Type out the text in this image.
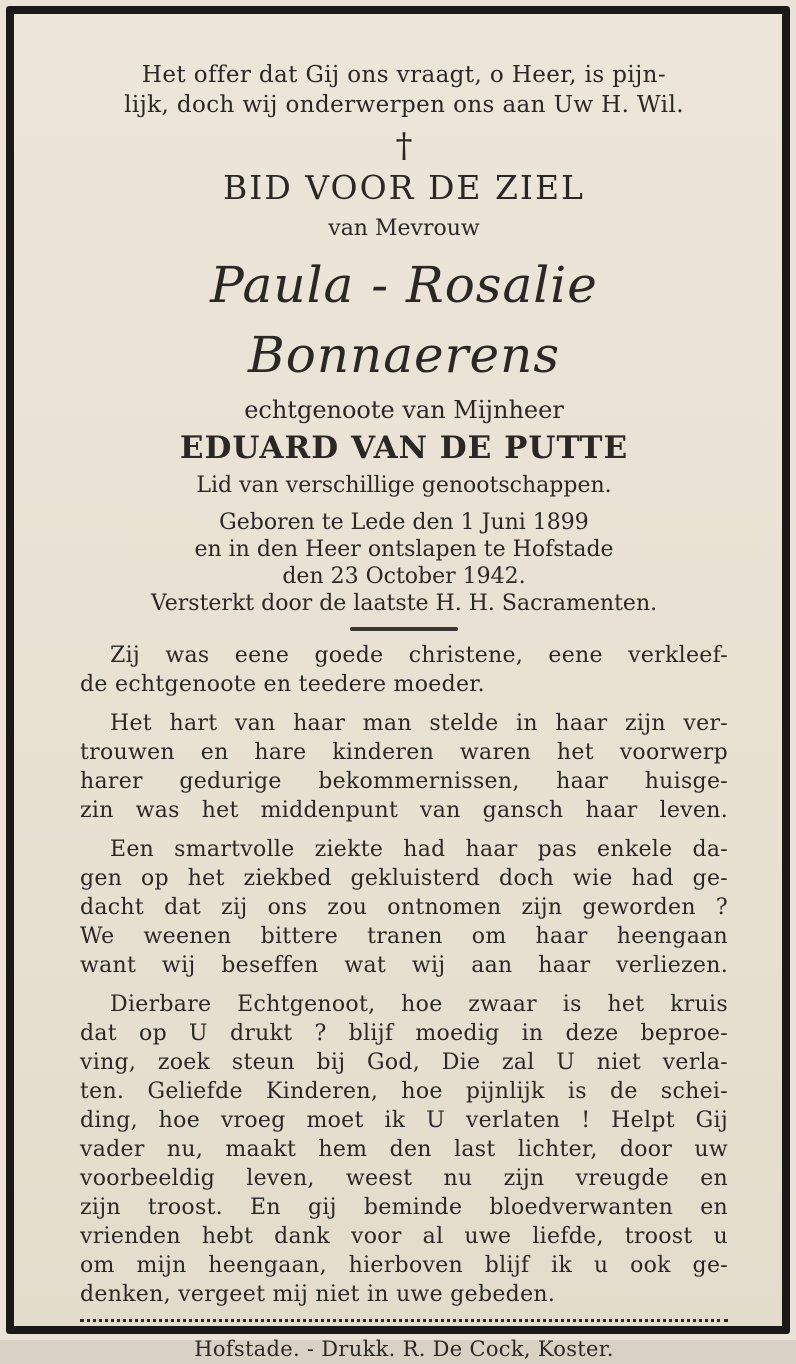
Het offer dat Gij ons vraagt, o Heer, is pijn-
lijk, doch wij onderwerpen ons aan Uw H. Wil.
†
BID VOOR DE ZIEL
van Mevrouw
Paula - Rosalie Bonnaerens
echtgenoote van Mijnheer
EDUARD VAN DE PUTTE
Lid van verschillige genootschappen.
Geboren te Lede den 1 Juni 1899
en in den Heer ontslapen te Hofstade
den 23 October 1942.
Versterkt door de laatste H. H. Sacramenten.
Zij was eene goede christene, eene verkleef-
de echtgenoote en teedere moeder.
Het hart van haar man stelde in haar zijn ver-
trouwen en hare kinderen waren het voorwerp
harer gedurige bekommernissen, haar huisge-
zin was het middenpunt van gansch haar leven.
Een smartvolle ziekte had haar pas enkele da-
gen op het ziekbed gekluisterd doch wie had ge-
dacht dat zij ons zou ontnomen zijn geworden ?
We weenen bittere tranen om haar heengaan
want wij beseffen wat wij aan haar verliezen.
Dierbare Echtgenoot, hoe zwaar is het kruis
dat op U drukt ? blijf moedig in deze beproe-
ving, zoek steun bij God, Die zal U niet verla-
ten. Geliefde Kinderen, hoe pijnlijk is de schei-
ding, hoe vroeg moet ik U verlaten ! Helpt Gij
vader nu, maakt hem den last lichter, door uw
voorbeeldig leven, weest nu zijn vreugde en
zijn troost. En gij beminde bloedverwanten en
vrienden hebt dank voor al uwe liefde, troost u
om mijn heengaan, hierboven blijf ik u ook ge-
denken, vergeet mij niet in uwe gebeden.
Hofstade. - Drukk. R. De Cock, Koster.
